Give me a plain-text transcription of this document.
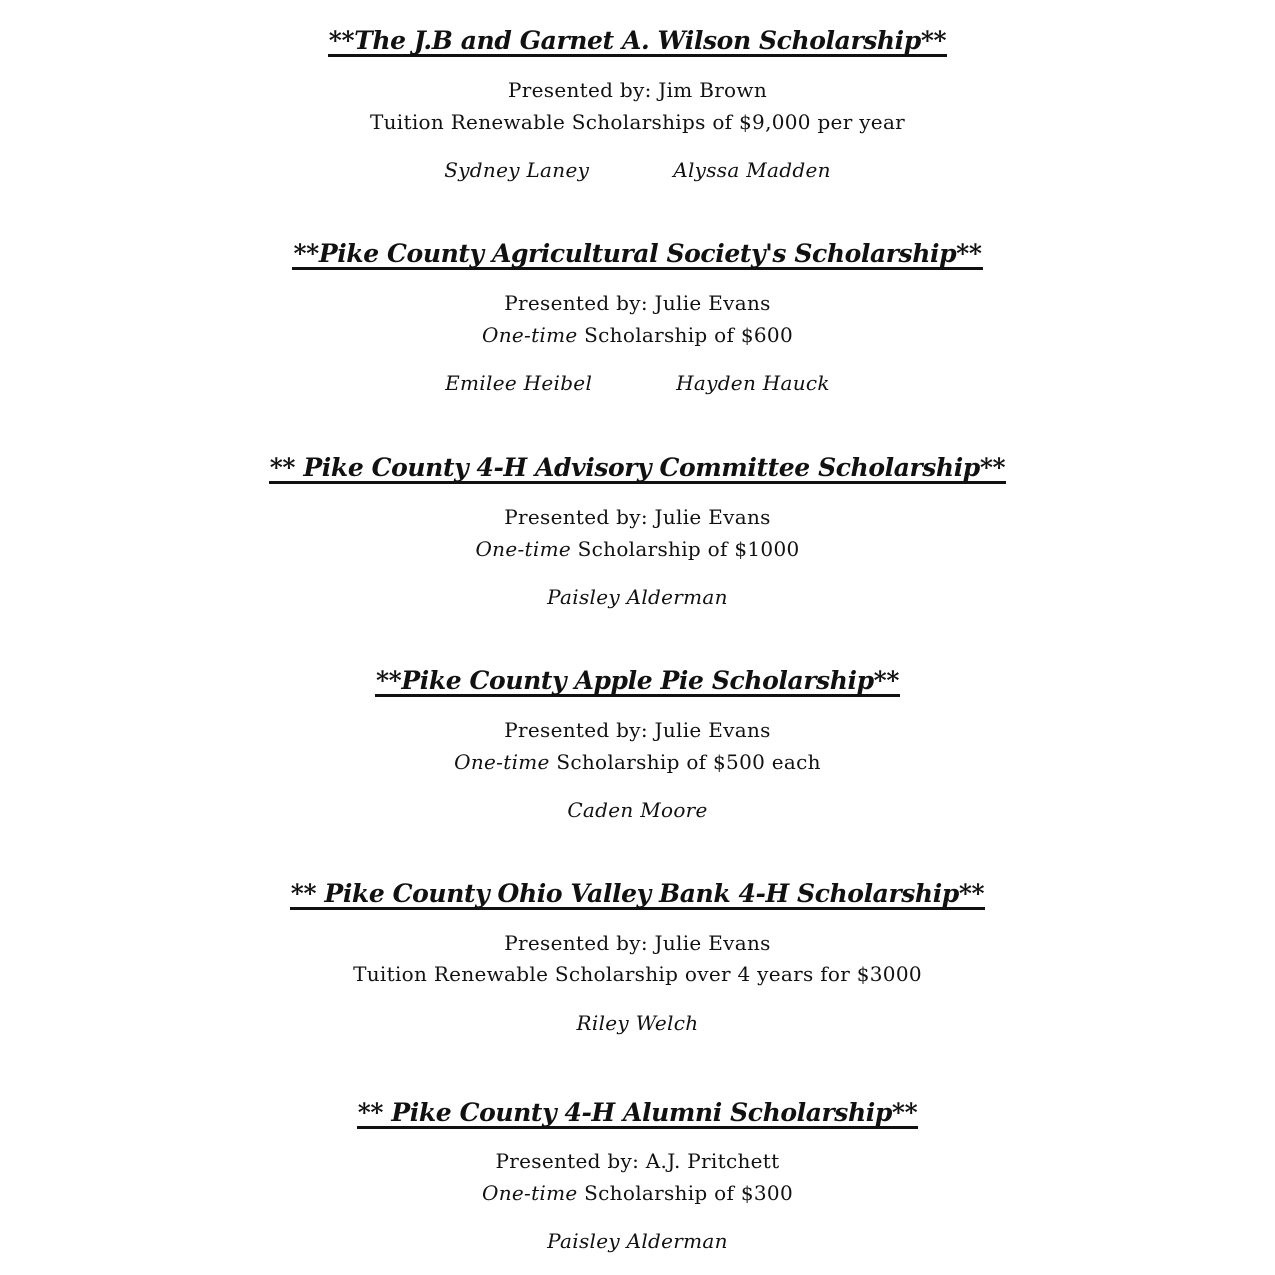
**The J.B and Garnet A. Wilson Scholarship**
Presented by: Jim Brown
Tuition Renewable Scholarships of $9,000 per year
Sydney Laney	Alyssa Madden
**Pike County Agricultural Society's Scholarship**
Presented by: Julie Evans
One-time Scholarship of $600
Emilee Heibel	Hayden Hauck
** Pike County 4-H Advisory Committee Scholarship**
Presented by: Julie Evans
One-time Scholarship of $1000
Paisley Alderman
**Pike County Apple Pie Scholarship**
Presented by: Julie Evans
One-time Scholarship of $500 each
Caden Moore
** Pike County Ohio Valley Bank 4-H Scholarship**
Presented by: Julie Evans
Tuition Renewable Scholarship over 4 years for $3000
Riley Welch
** Pike County 4-H Alumni Scholarship**
Presented by: A.J. Pritchett
One-time Scholarship of $300
Paisley Alderman
